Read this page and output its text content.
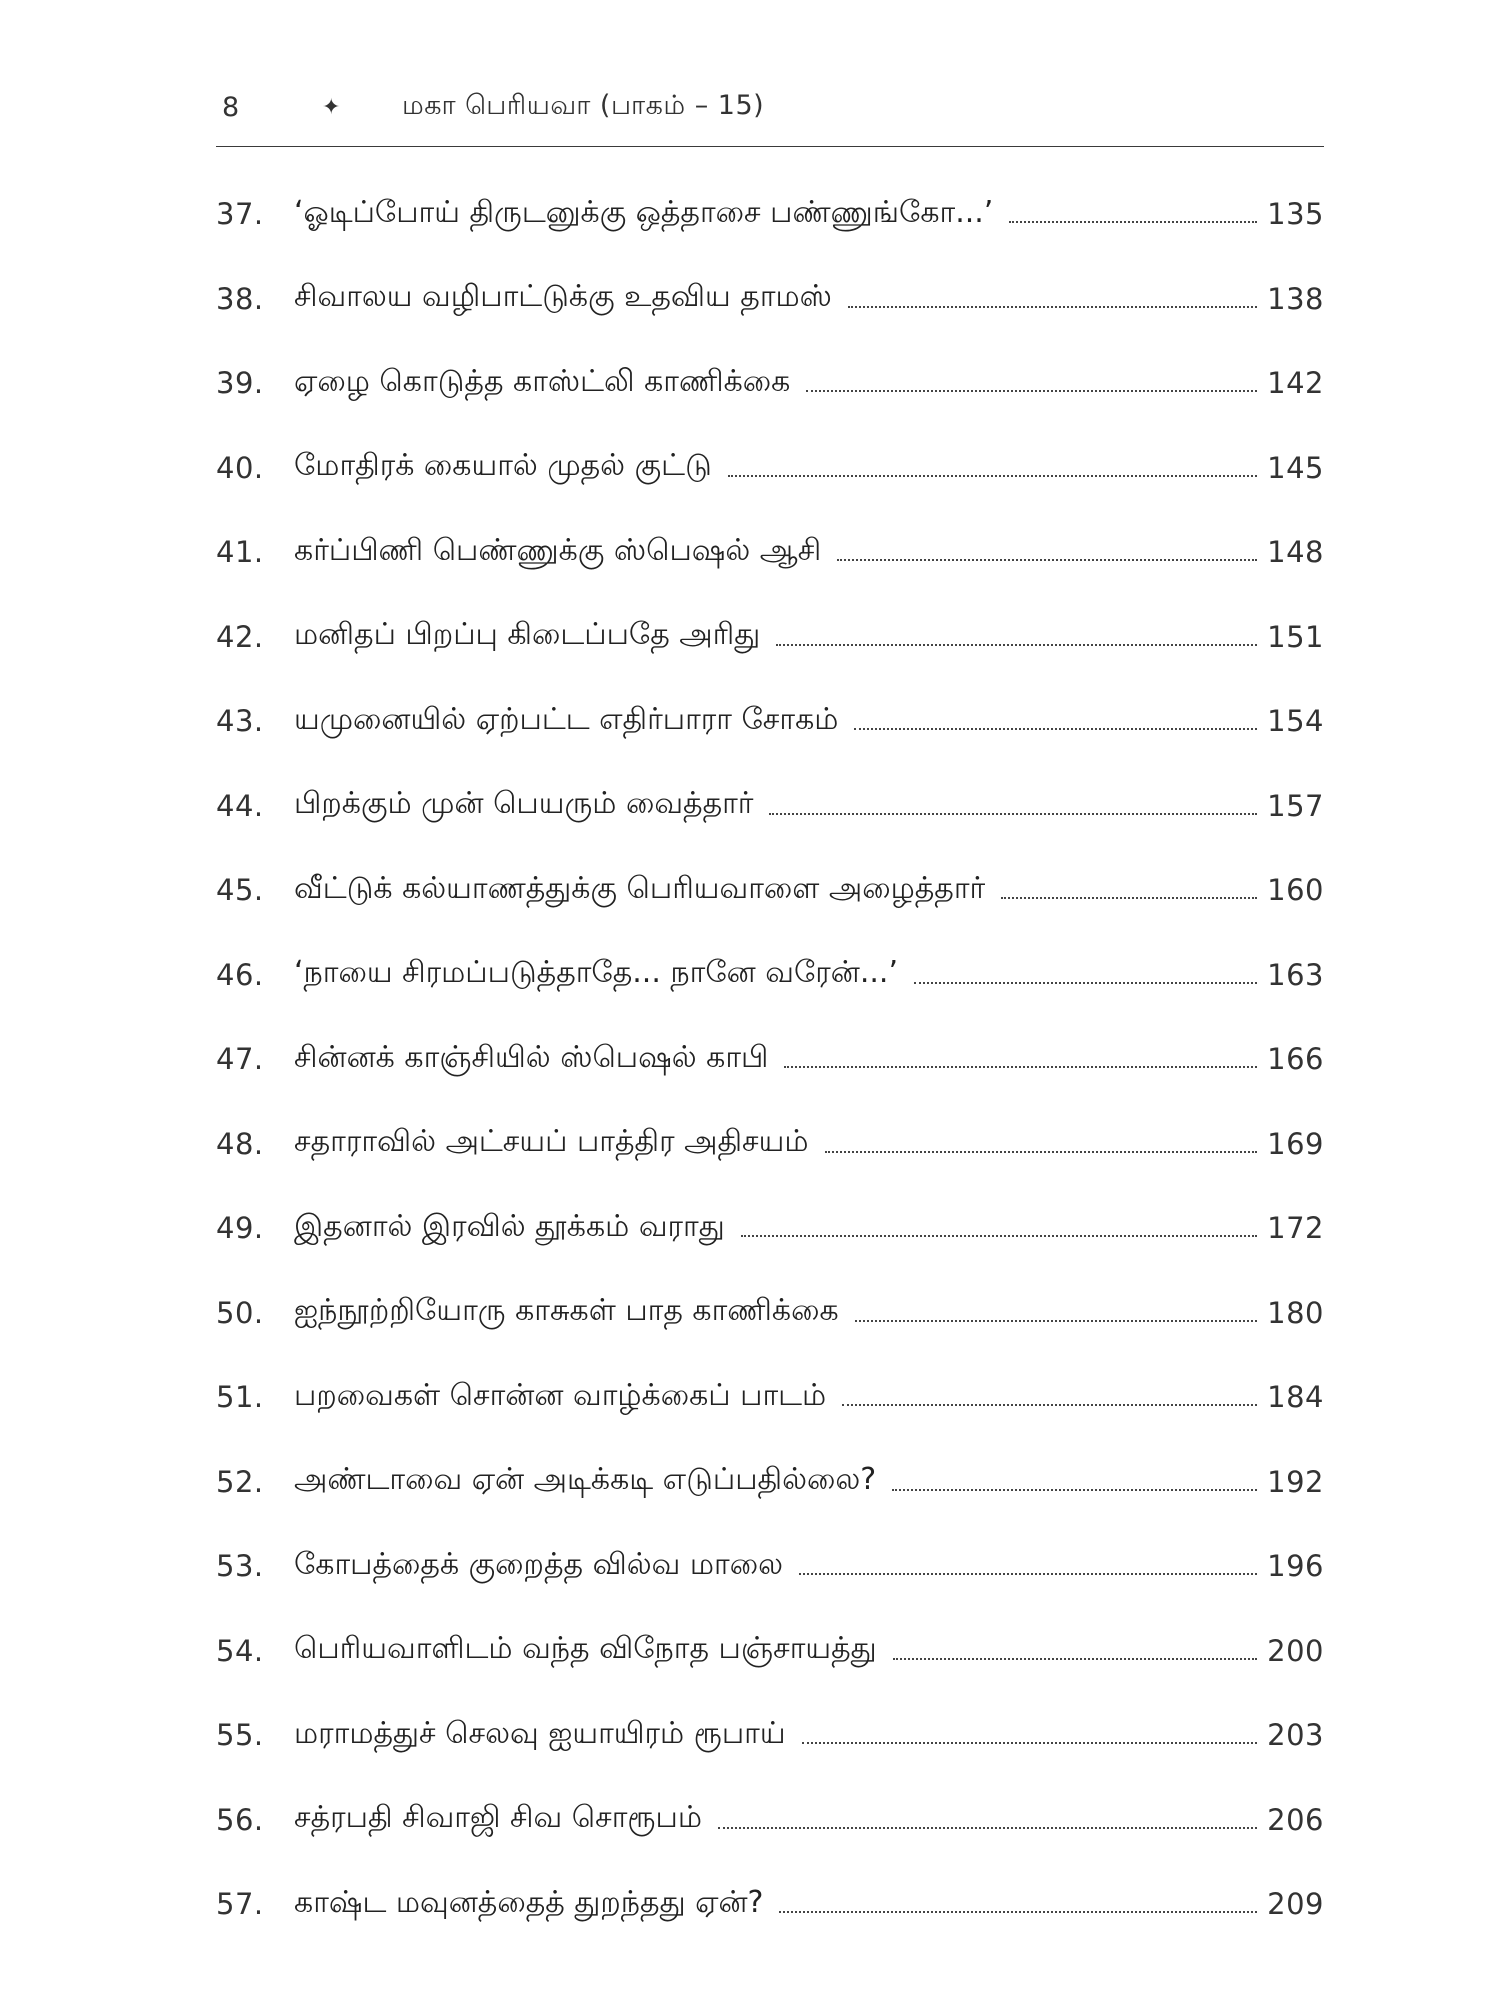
8	✦	மகா பெரியவா (பாகம் – 15)
37.	‘ஓடிப்போய் திருடனுக்கு ஒத்தாசை பண்ணுங்கோ...’	135
38.	சிவாலய வழிபாட்டுக்கு உதவிய தாமஸ்	138
39.	ஏழை கொடுத்த காஸ்ட்லி காணிக்கை	142
40.	மோதிரக் கையால் முதல் குட்டு	145
41.	கர்ப்பிணி பெண்ணுக்கு ஸ்பெஷல் ஆசி	148
42.	மனிதப் பிறப்பு கிடைப்பதே அரிது	151
43.	யமுனையில் ஏற்பட்ட எதிர்பாரா சோகம்	154
44.	பிறக்கும் முன் பெயரும் வைத்தார்	157
45.	வீட்டுக் கல்யாணத்துக்கு பெரியவாளை அழைத்தார்	160
46.	‘நாயை சிரமப்படுத்தாதே... நானே வரேன்...’	163
47.	சின்னக் காஞ்சியில் ஸ்பெஷல் காபி	166
48.	சதாராவில் அட்சயப் பாத்திர அதிசயம்	169
49.	இதனால் இரவில் தூக்கம் வராது	172
50.	ஐந்நூற்றியோரு காசுகள் பாத காணிக்கை	180
51.	பறவைகள் சொன்ன வாழ்க்கைப் பாடம்	184
52.	அண்டாவை ஏன் அடிக்கடி எடுப்பதில்லை?	192
53.	கோபத்தைக் குறைத்த வில்வ மாலை	196
54.	பெரியவாளிடம் வந்த விநோத பஞ்சாயத்து	200
55.	மராமத்துச் செலவு ஐயாயிரம் ரூபாய்	203
56.	சத்ரபதி சிவாஜி சிவ சொரூபம்	206
57.	காஷ்ட மவுனத்தைத் துறந்தது ஏன்?	209
